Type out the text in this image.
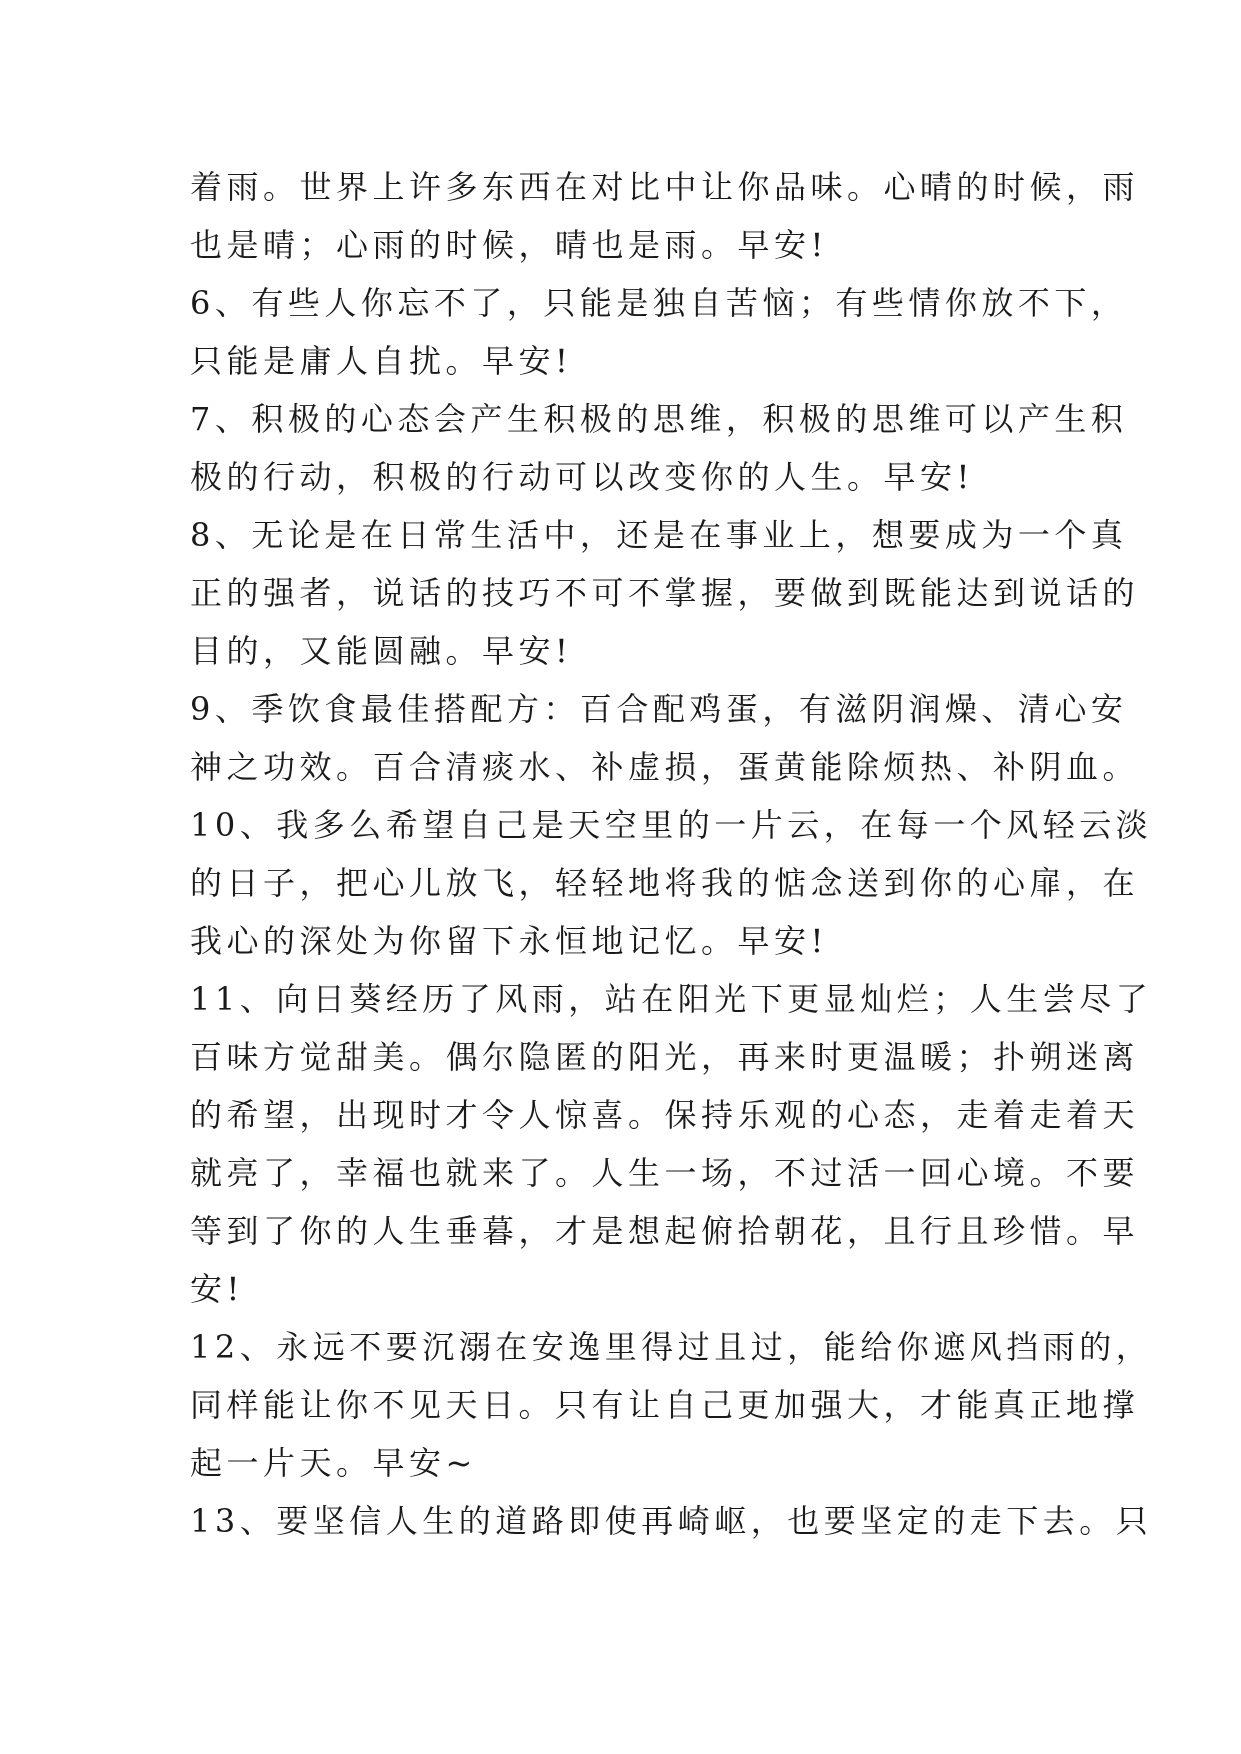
着雨。世界上许多东西在对比中让你品味。心晴的时候，雨

也是晴；心雨的时候，晴也是雨。早安!

6、有些人你忘不了，只能是独自苦恼；有些情你放不下，

只能是庸人自扰。早安!

7、积极的心态会产生积极的思维，积极的思维可以产生积

极的行动，积极的行动可以改变你的人生。早安!

8、无论是在日常生活中，还是在事业上，想要成为一个真

正的强者，说话的技巧不可不掌握，要做到既能达到说话的

目的，又能圆融。早安!

9、季饮食最佳搭配方：百合配鸡蛋，有滋阴润燥、清心安

神之功效。百合清痰水、补虚损，蛋黄能除烦热、补阴血。

10、我多么希望自己是天空里的一片云，在每一个风轻云淡

的日子，把心儿放飞，轻轻地将我的惦念送到你的心扉，在

我心的深处为你留下永恒地记忆。早安!

11、向日葵经历了风雨，站在阳光下更显灿烂；人生尝尽了

百味方觉甜美。偶尔隐匿的阳光，再来时更温暖；扑朔迷离

的希望，出现时才令人惊喜。保持乐观的心态，走着走着天

就亮了，幸福也就来了。人生一场，不过活一回心境。不要

等到了你的人生垂暮，才是想起俯拾朝花，且行且珍惜。早

安!

12、永远不要沉溺在安逸里得过且过，能给你遮风挡雨的，

同样能让你不见天日。只有让自己更加强大，才能真正地撑

起一片天。早安~

13、要坚信人生的道路即使再崎岖，也要坚定的走下去。只
